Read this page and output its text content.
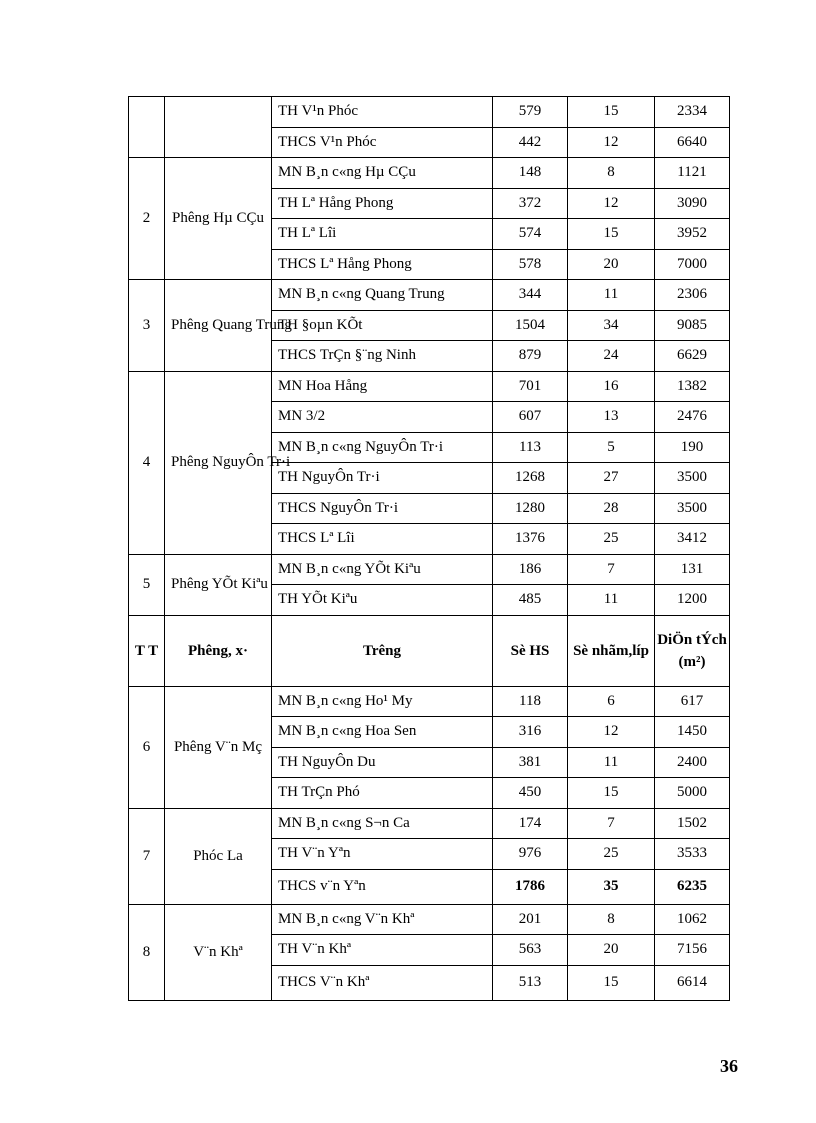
		TH V¹n Phóc	579	15	2334
		THCS V¹n Phóc	442	12	6640
2	Phêng Hµ CÇu	MN B¸n c«ng Hµ CÇu	148	8	1121
		TH Lª Hång Phong	372	12	3090
		TH Lª Lîi	574	15	3952
		THCS Lª Hång Phong	578	20	7000
3	Phêng Quang Trung	MN B¸n c«ng Quang Trung	344	11	2306
		TH §oµn KÕt	1504	34	9085
		THCS TrÇn §¨ng Ninh	879	24	6629
4	Phêng NguyÔn Tr·i	MN Hoa Hång	701	16	1382
		MN 3/2	607	13	2476
		MN B¸n c«ng NguyÔn Tr·i	113	5	190
		TH NguyÔn Tr·i	1268	27	3500
		THCS NguyÔn Tr·i	1280	28	3500
		THCS Lª Lîi	1376	25	3412
5	Phêng YÕt Kiªu	MN B¸n c«ng YÕt Kiªu	186	7	131
		TH YÕt Kiªu	485	11	1200
T T	Phêng, x·	Trêng	Sè HS	Sè nhãm,líp	DiÖn tÝch (m²)
6	Phêng V¨n Mç	MN B¸n c«ng Ho¹ My	118	6	617
		MN B¸n c«ng Hoa Sen	316	12	1450
		TH NguyÔn Du	381	11	2400
		TH TrÇn Phó	450	15	5000
7	Phóc La	MN B¸n c«ng S¬n Ca	174	7	1502
		TH V¨n Yªn	976	25	3533
		THCS v¨n Yªn	1786	35	6235
8	V¨n Khª	MN B¸n c«ng V¨n Khª	201	8	1062
		TH V¨n Khª	563	20	7156
		THCS V¨n Khª	513	15	6614
36
